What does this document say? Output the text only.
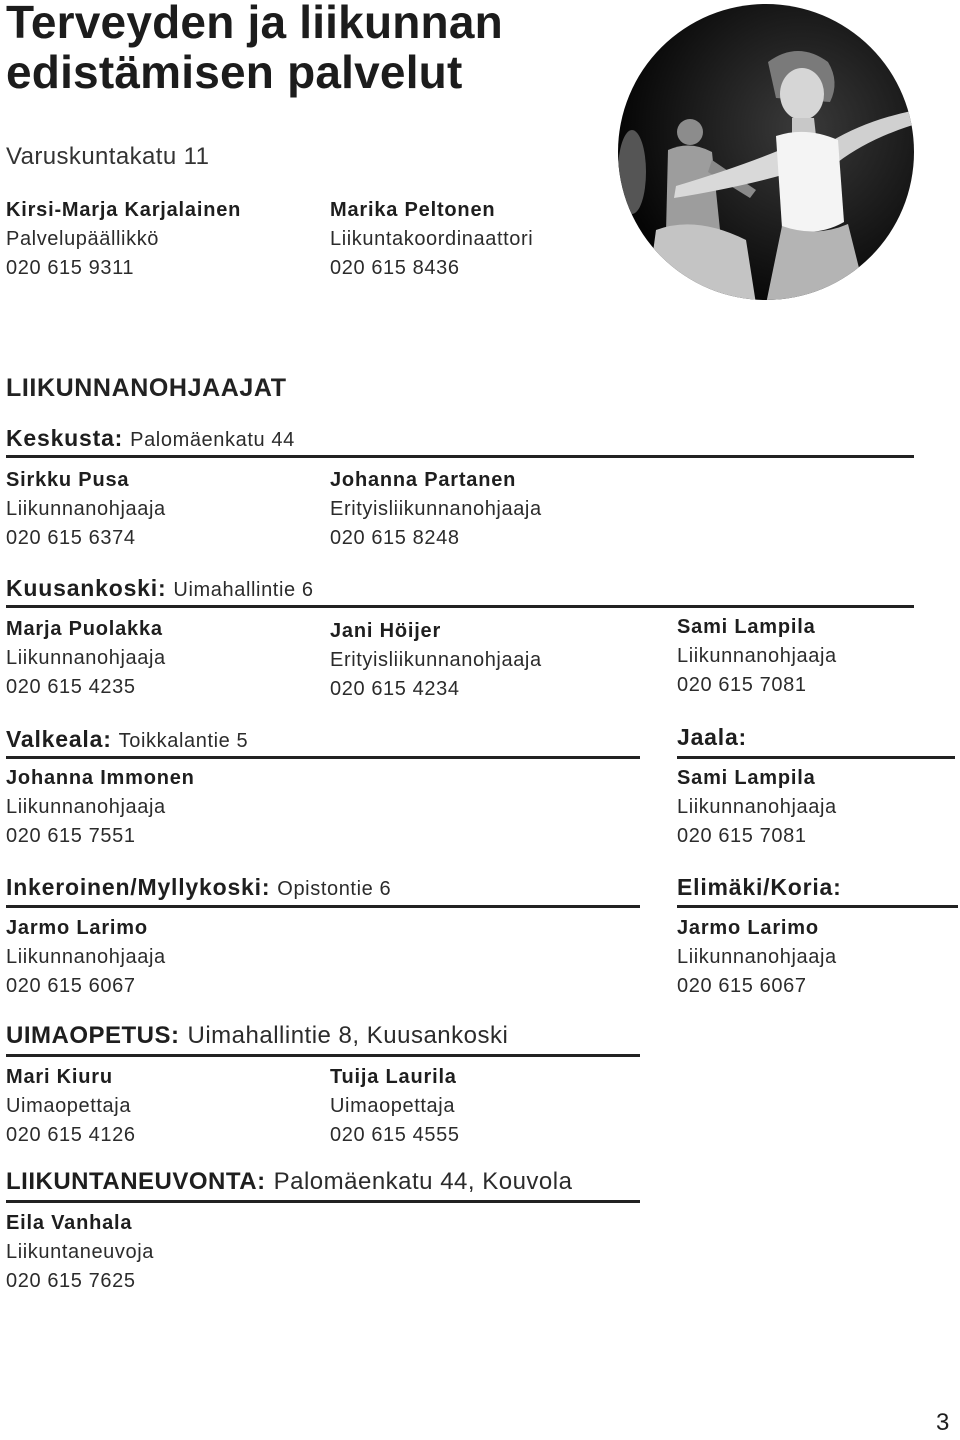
Terveyden ja liikunnan
edistämisen palvelut
Varuskuntakatu 11
Kirsi-Marja Karjalainen
Palvelupäällikkö
020 615 9311
Marika Peltonen
Liikuntakoordinaattori
020 615 8436
LIIKUNNANOHJAAJAT
Keskusta: Palomäenkatu 44
Sirkku Pusa
Liikunnanohjaaja
020 615 6374
Johanna Partanen
Erityisliikunnanohjaaja
020 615 8248
Kuusankoski: Uimahallintie 6
Marja Puolakka
Liikunnanohjaaja
020 615 4235
Jani Höijer
Erityisliikunnanohjaaja
020 615 4234
Sami Lampila
Liikunnanohjaaja
020 615 7081
Valkeala: Toikkalantie 5
Johanna Immonen
Liikunnanohjaaja
020 615 7551
Jaala:
Sami Lampila
Liikunnanohjaaja
020 615 7081
Inkeroinen/Myllykoski: Opistontie 6
Jarmo Larimo
Liikunnanohjaaja
020 615 6067
Elimäki/Koria:
Jarmo Larimo
Liikunnanohjaaja
020 615 6067
UIMAOPETUS: Uimahallintie 8, Kuusankoski
Mari Kiuru
Uimaopettaja
020 615 4126
Tuija Laurila
Uimaopettaja
020 615 4555
LIIKUNTANEUVONTA: Palomäenkatu 44, Kouvola
Eila Vanhala
Liikuntaneuvoja
020 615 7625
3
